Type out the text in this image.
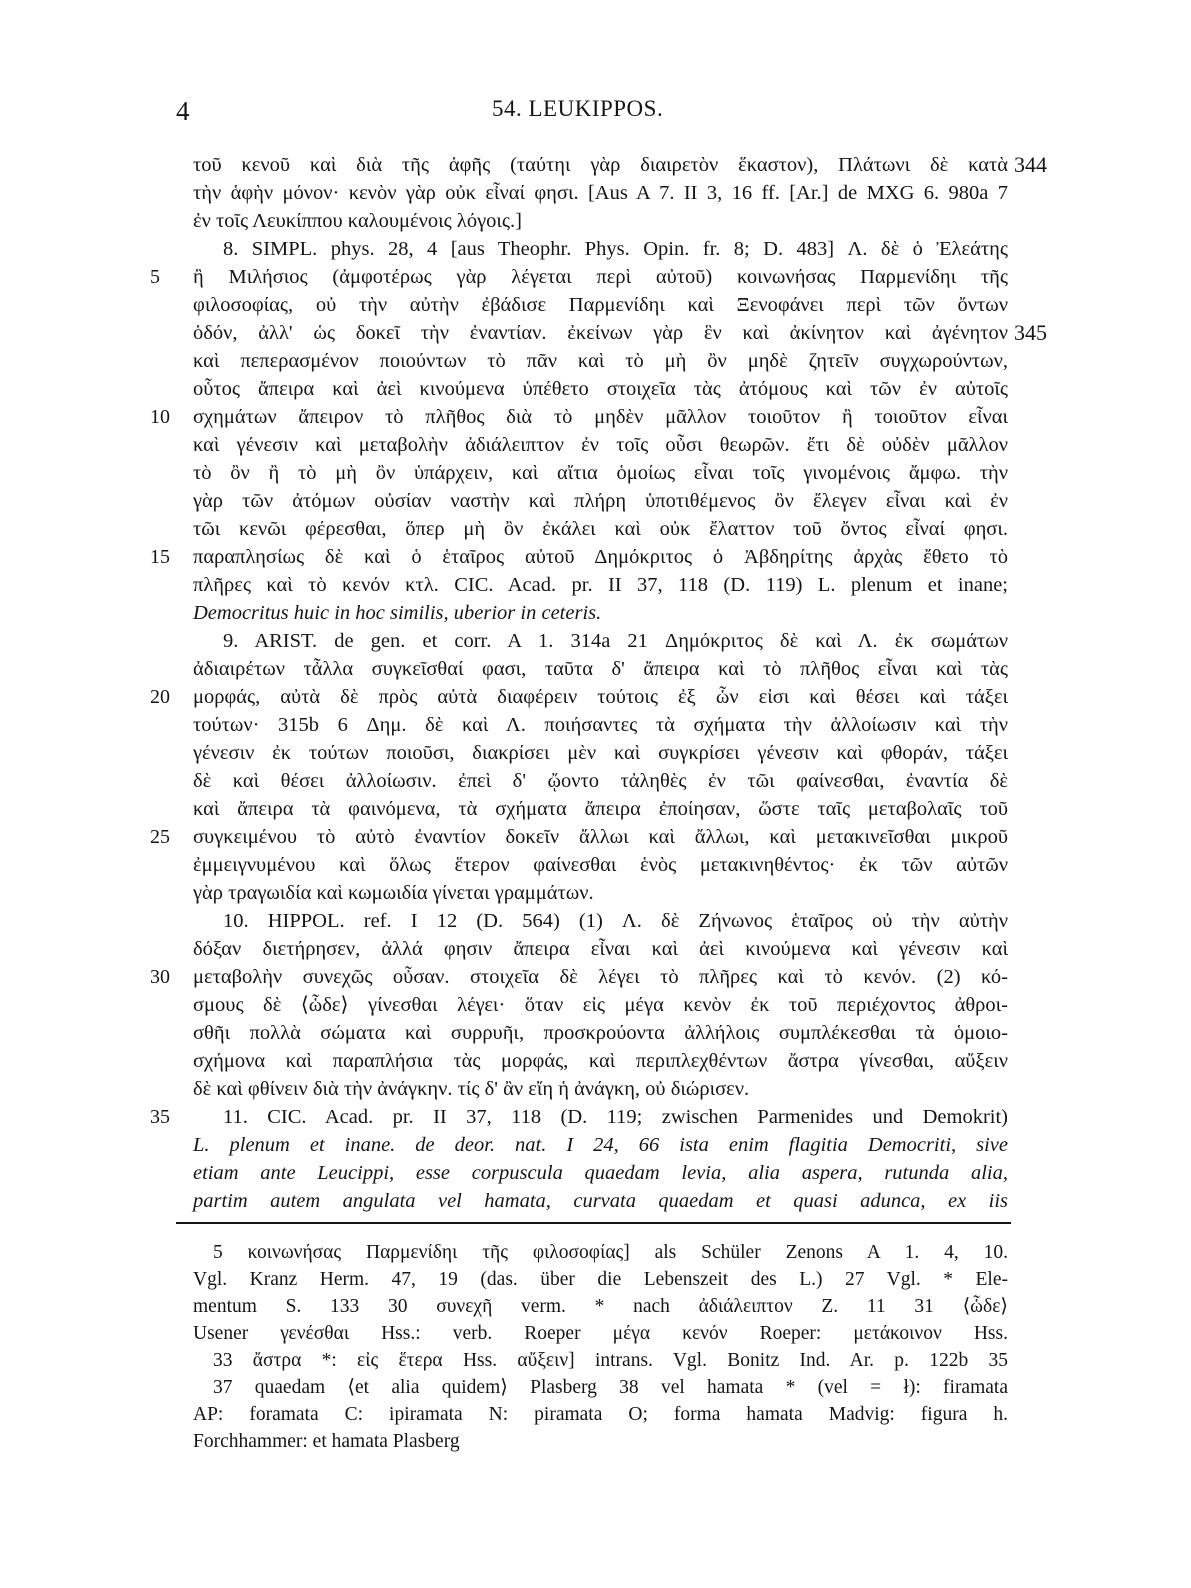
4	54. LEUKIPPOS.
τοῦ κενοῦ καὶ διὰ τῆς ἁφῆς (ταύτηι γὰρ διαιρετὸν ἕκαστον), Πλάτωνι δὲ κατὰ
τὴν ἁφὴν μόνον· κενὸν γὰρ οὐκ εἶναί φησι. [Aus A 7. II 3, 16 ff. [Ar.] de MXG 6. 980a 7
ἐν τοῖς Λευκίππου καλουμένοις λόγοις.]
8. SIMPL. phys. 28, 4 [aus Theophr. Phys. Opin. fr. 8; D. 483] Λ. δὲ ὁ Ἐλεάτης
ἢ Μιλήσιος (ἀμφοτέρως γὰρ λέγεται περὶ αὐτοῦ) κοινωνήσας Παρμενίδηι τῆς
φιλοσοφίας, οὐ τὴν αὐτὴν ἐβάδισε Παρμενίδηι καὶ Ξενοφάνει περὶ τῶν ὄντων
ὁδόν, ἀλλ' ὡς δοκεῖ τὴν ἐναντίαν. ἐκείνων γὰρ ἓν καὶ ἀκίνητον καὶ ἀγένητον
καὶ πεπερασμένον ποιούντων τὸ πᾶν καὶ τὸ μὴ ὂν μηδὲ ζητεῖν συγχωρούντων,
οὗτος ἄπειρα καὶ ἀεὶ κινούμενα ὑπέθετο στοιχεῖα τὰς ἀτόμους καὶ τῶν ἐν αὐτοῖς
σχημάτων ἄπειρον τὸ πλῆθος διὰ τὸ μηδὲν μᾶλλον τοιοῦτον ἢ τοιοῦτον εἶναι
καὶ γένεσιν καὶ μεταβολὴν ἀδιάλειπτον ἐν τοῖς οὖσι θεωρῶν. ἔτι δὲ οὐδὲν μᾶλλον
τὸ ὂν ἢ τὸ μὴ ὂν ὑπάρχειν, καὶ αἴτια ὁμοίως εἶναι τοῖς γινομένοις ἄμφω. τὴν
γὰρ τῶν ἀτόμων οὐσίαν ναστὴν καὶ πλήρη ὑποτιθέμενος ὂν ἔλεγεν εἶναι καὶ ἐν
τῶι κενῶι φέρεσθαι, ὅπερ μὴ ὂν ἐκάλει καὶ οὐκ ἔλαττον τοῦ ὄντος εἶναί φησι.
παραπλησίως δὲ καὶ ὁ ἑταῖρος αὐτοῦ Δημόκριτος ὁ Ἀβδηρίτης ἀρχὰς ἔθετο τὸ
πλῆρες καὶ τὸ κενόν κτλ. CIC. Acad. pr. II 37, 118 (D. 119) L. plenum et inane;
Democritus huic in hoc similis, uberior in ceteris.
9. ARIST. de gen. et corr. A 1. 314a 21 Δημόκριτος δὲ καὶ Λ. ἐκ σωμάτων
ἀδιαιρέτων τἆλλα συγκεῖσθαί φασι, ταῦτα δ' ἄπειρα καὶ τὸ πλῆθος εἶναι καὶ τὰς
μορφάς, αὐτὰ δὲ πρὸς αὐτὰ διαφέρειν τούτοις ἐξ ὧν εἰσι καὶ θέσει καὶ τάξει
τούτων· 315b 6 Δημ. δὲ καὶ Λ. ποιήσαντες τὰ σχήματα τὴν ἀλλοίωσιν καὶ τὴν
γένεσιν ἐκ τούτων ποιοῦσι, διακρίσει μὲν καὶ συγκρίσει γένεσιν καὶ φθοράν, τάξει
δὲ καὶ θέσει ἀλλοίωσιν. ἐπεὶ δ' ᾤοντο τἀληθὲς ἐν τῶι φαίνεσθαι, ἐναντία δὲ
καὶ ἄπειρα τὰ φαινόμενα, τὰ σχήματα ἄπειρα ἐποίησαν, ὥστε ταῖς μεταβολαῖς τοῦ
συγκειμένου τὸ αὐτὸ ἐναντίον δοκεῖν ἄλλωι καὶ ἄλλωι, καὶ μετακινεῖσθαι μικροῦ
ἐμμειγνυμένου καὶ ὅλως ἕτερον φαίνεσθαι ἑνὸς μετακινηθέντος· ἐκ τῶν αὐτῶν
γὰρ τραγωιδία καὶ κωμωιδία γίνεται γραμμάτων.
10. HIPPOL. ref. I 12 (D. 564) (1) Λ. δὲ Ζήνωνος ἑταῖρος οὐ τὴν αὐτὴν
δόξαν διετήρησεν, ἀλλά φησιν ἄπειρα εἶναι καὶ ἀεὶ κινούμενα καὶ γένεσιν καὶ
μεταβολὴν συνεχῶς οὖσαν. στοιχεῖα δὲ λέγει τὸ πλῆρες καὶ τὸ κενόν. (2) κό-
σμους δὲ ⟨ὧδε⟩ γίνεσθαι λέγει· ὅταν εἰς μέγα κενὸν ἐκ τοῦ περιέχοντος ἀθροι-
σθῆι πολλὰ σώματα καὶ συρρυῆι, προσκρούοντα ἀλλήλοις συμπλέκεσθαι τὰ ὁμοιο-
σχήμονα καὶ παραπλήσια τὰς μορφάς, καὶ περιπλεχθέντων ἄστρα γίνεσθαι, αὔξειν
δὲ καὶ φθίνειν διὰ τὴν ἀνάγκην. τίς δ' ἂν εἴη ἡ ἀνάγκη, οὐ διώρισεν.
11. CIC. Acad. pr. II 37, 118 (D. 119; zwischen Parmenides und Demokrit)
L. plenum et inane. de deor. nat. I 24, 66 ista enim flagitia Democriti, sive
etiam ante Leucippi, esse corpuscula quaedam levia, alia aspera, rutunda alia,
partim autem angulata vel hamata, curvata quaedam et quasi adunca, ex iis
5
10
15
20
25
30
35
344
345
5 κοινωνήσας Παρμενίδηι τῆς φιλοσοφίας] als Schüler Zenons A 1. 4, 10.
Vgl. Kranz Herm. 47, 19 (das. über die Lebenszeit des L.) 27 Vgl. * Ele-
mentum S. 133 30 συνεχῆ verm. * nach ἀδιάλειπτον Z. 11 31 ⟨ὧδε⟩
Usener γενέσθαι Hss.: verb. Roeper μέγα κενόν Roeper: μετάκοινον Hss.
33 ἄστρα *: εἰς ἕτερα Hss. αὔξειν] intrans. Vgl. Bonitz Ind. Ar. p. 122b 35
37 quaedam ⟨et alia quidem⟩ Plasberg 38 vel hamata * (vel = ł): firamata
AP: foramata C: ipiramata N: piramata O; forma hamata Madvig: figura h.
Forchhammer: et hamata Plasberg
